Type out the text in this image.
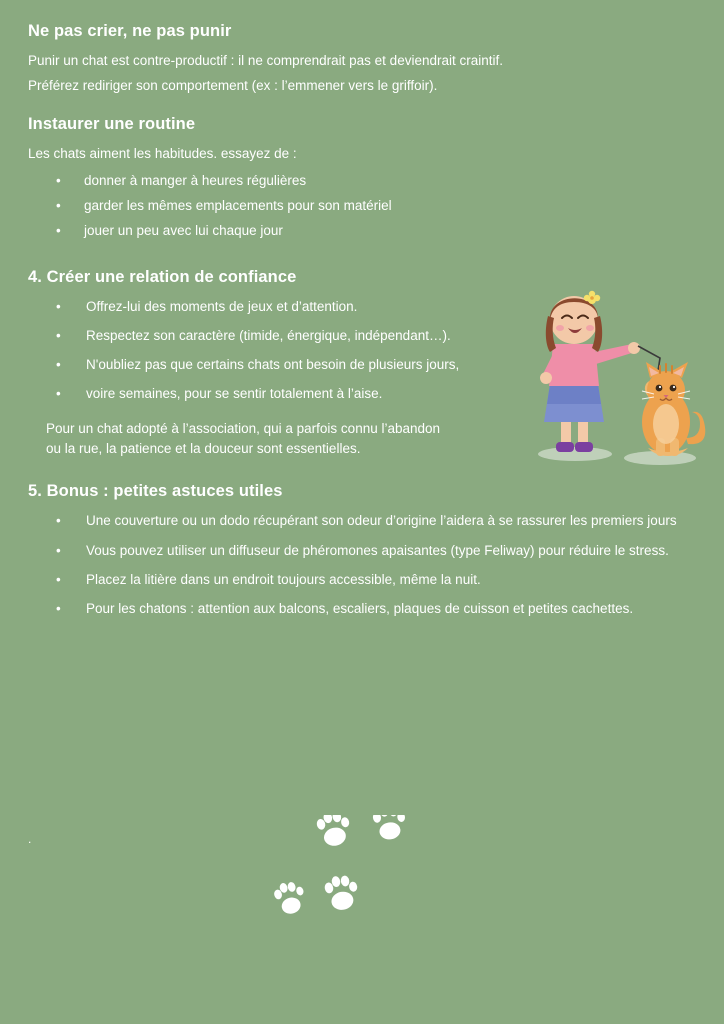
Ne pas crier, ne pas punir

Punir un chat est contre-productif : il ne comprendrait pas et deviendrait craintif.

Préférez rediriger son comportement (ex : l’emmener vers le griffoir).

Instaurer une routine

Les chats aiment les habitudes. essayez de :

• donner à manger à heures régulières
• garder les mêmes emplacements pour son matériel
• jouer un peu avec lui chaque jour
4. Créer une relation de confiance
• Offrez-lui des moments de jeux et d’attention.
• Respectez son caractère (timide, énergique, indépendant…).
• N'oubliez pas que certains chats ont besoin de plusieurs jours,
• voire semaines, pour se sentir totalement à l’aise.

Pour un chat adopté à l’association, qui a parfois connu l’abandon

ou la rue, la patience et la douceur sont essentielles.

5. Bonus : petites astuces utiles
• Une couverture ou un dodo récupérant son odeur d’origine l’aidera à se rassurer les premiers jours
• Vous pouvez utiliser un diffuseur de phéromones apaisantes (type Feliway) pour réduire le stress.
• Placez la litière dans un endroit toujours accessible, même la nuit.
• Pour les chatons : attention aux balcons, escaliers, plaques de cuisson et petites cachettes.
.
